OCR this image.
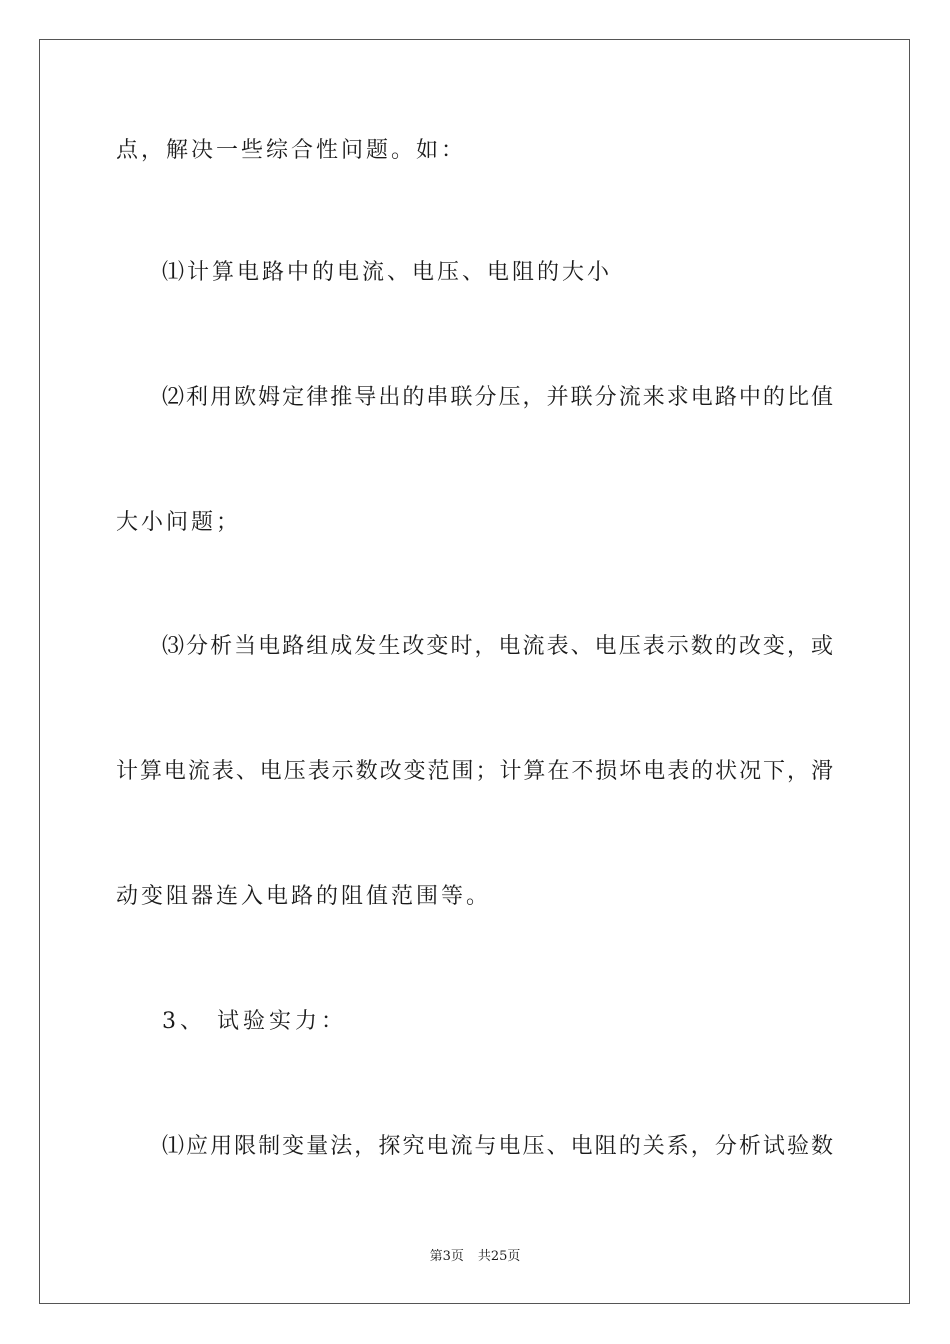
点，解决一些综合性问题。如：
⑴计算电路中的电流、电压、电阻的大小
⑵利用欧姆定律推导出的串联分压，并联分流来求电路中的比值
大小问题；
⑶分析当电路组成发生改变时，电流表、电压表示数的改变，或
计算电流表、电压表示数改变范围；计算在不损坏电表的状况下，滑
动变阻器连入电路的阻值范围等。
3、 试验实力：
⑴应用限制变量法，探究电流与电压、电阻的关系，分析试验数
第3页 共25页
